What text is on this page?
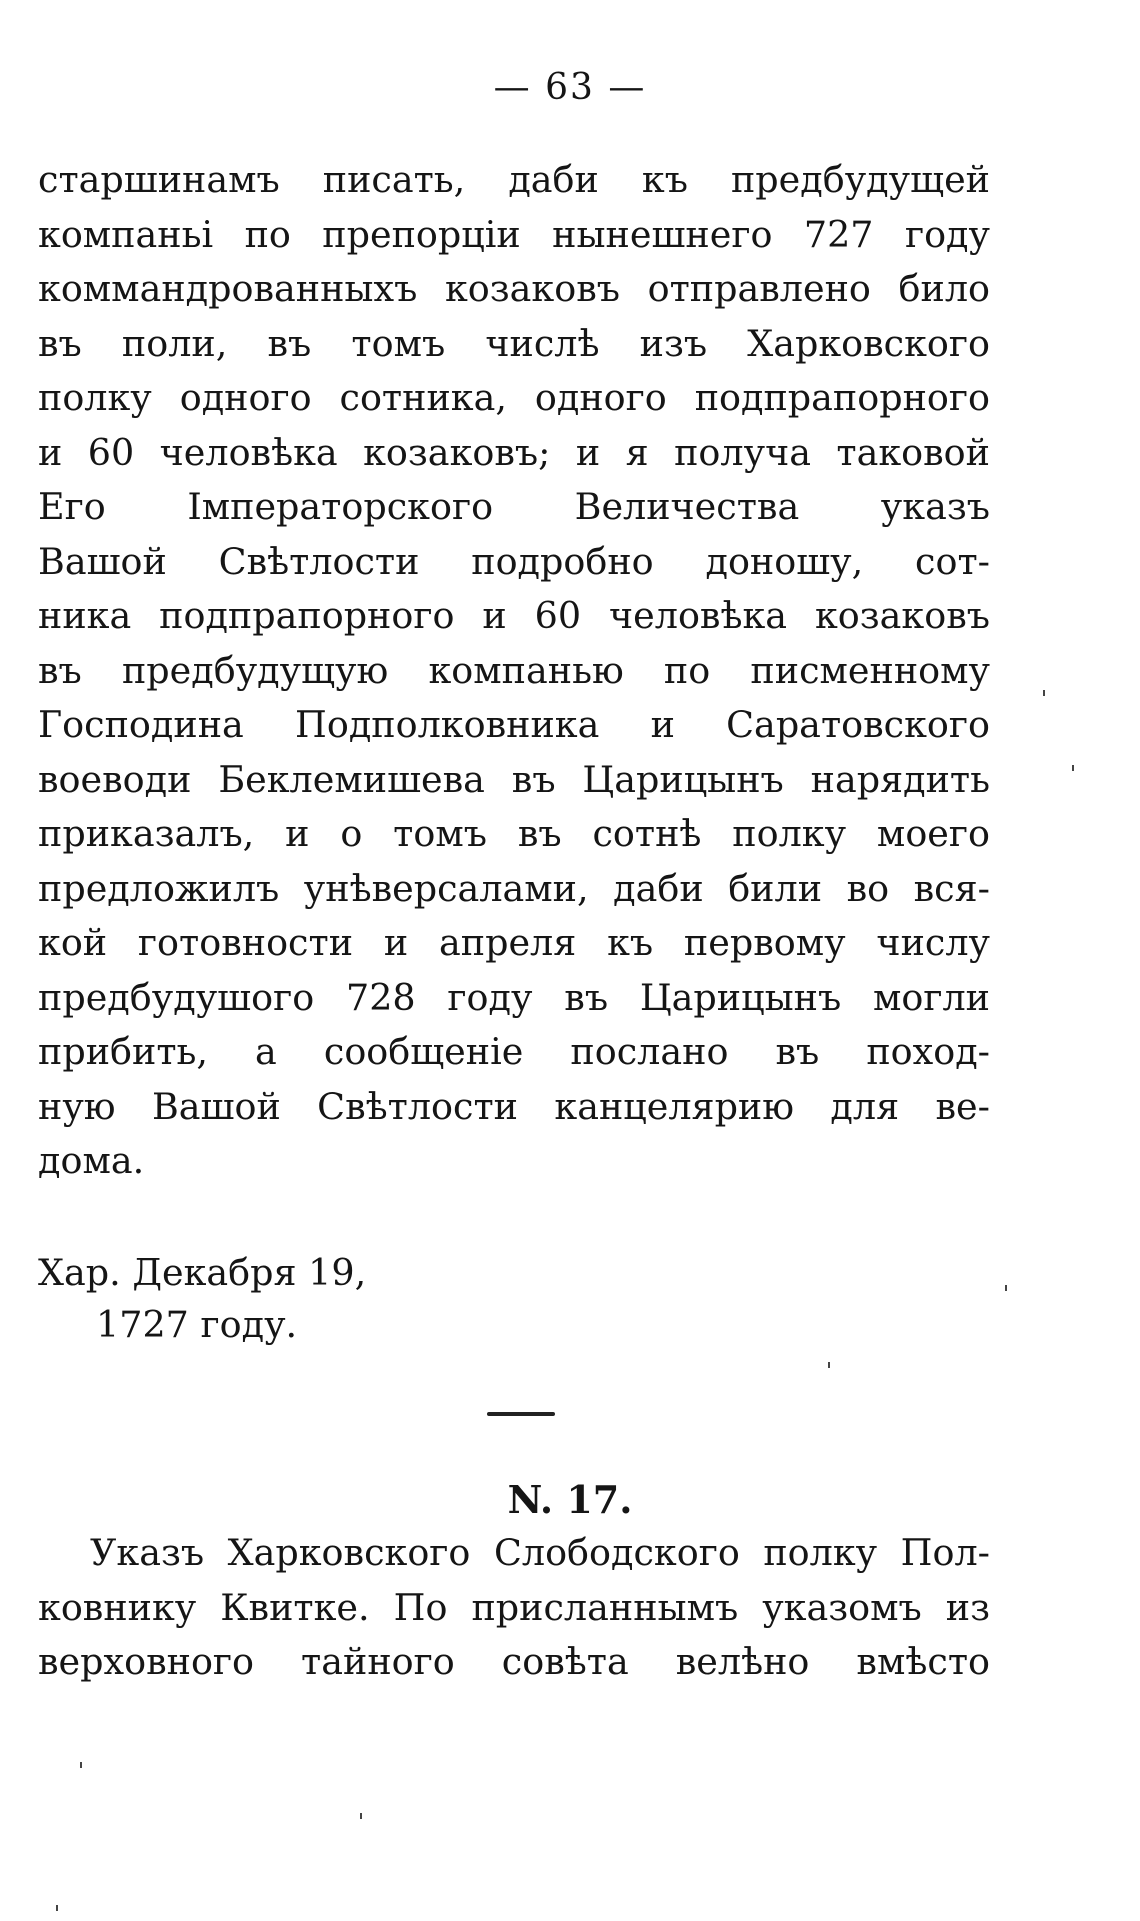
— 63 —
старшинамъ писать, даби къ предбудущей
компаньі по препорціи нынешнего 727 году
коммандрованныхъ козаковъ отправлено било
въ поли, въ томъ числѣ изъ Харковского
полку одного сотника, одного подпрапорного
и 60 человѣка козаковъ; и я получа таковой
Его Імператорского Величества указъ
Вашой Свѣтлости подробно доношу, сот-
ника подпрапорного и 60 человѣка козаковъ
въ предбудущую компанью по писменному
Господина Подполковника и Саратовского
воеводи Беклемишева въ Царицынъ нарядить
приказалъ, и о томъ въ сотнѣ полку моего
предложилъ унѣверсалами, даби били во вся-
кой готовности и апреля къ первому числу
предбудушого 728 году въ Царицынъ могли
прибить, а сообщеніе послано въ поход-
ную Вашой Свѣтлости канцелярию для ве-
дома.
Хар. Декабря 19,
1727 году.
N. 17.
Указъ Харковского Слободского полку Пол-
ковнику Квитке. По присланнымъ указомъ из
верховного тайного совѣта велѣно вмѣсто
